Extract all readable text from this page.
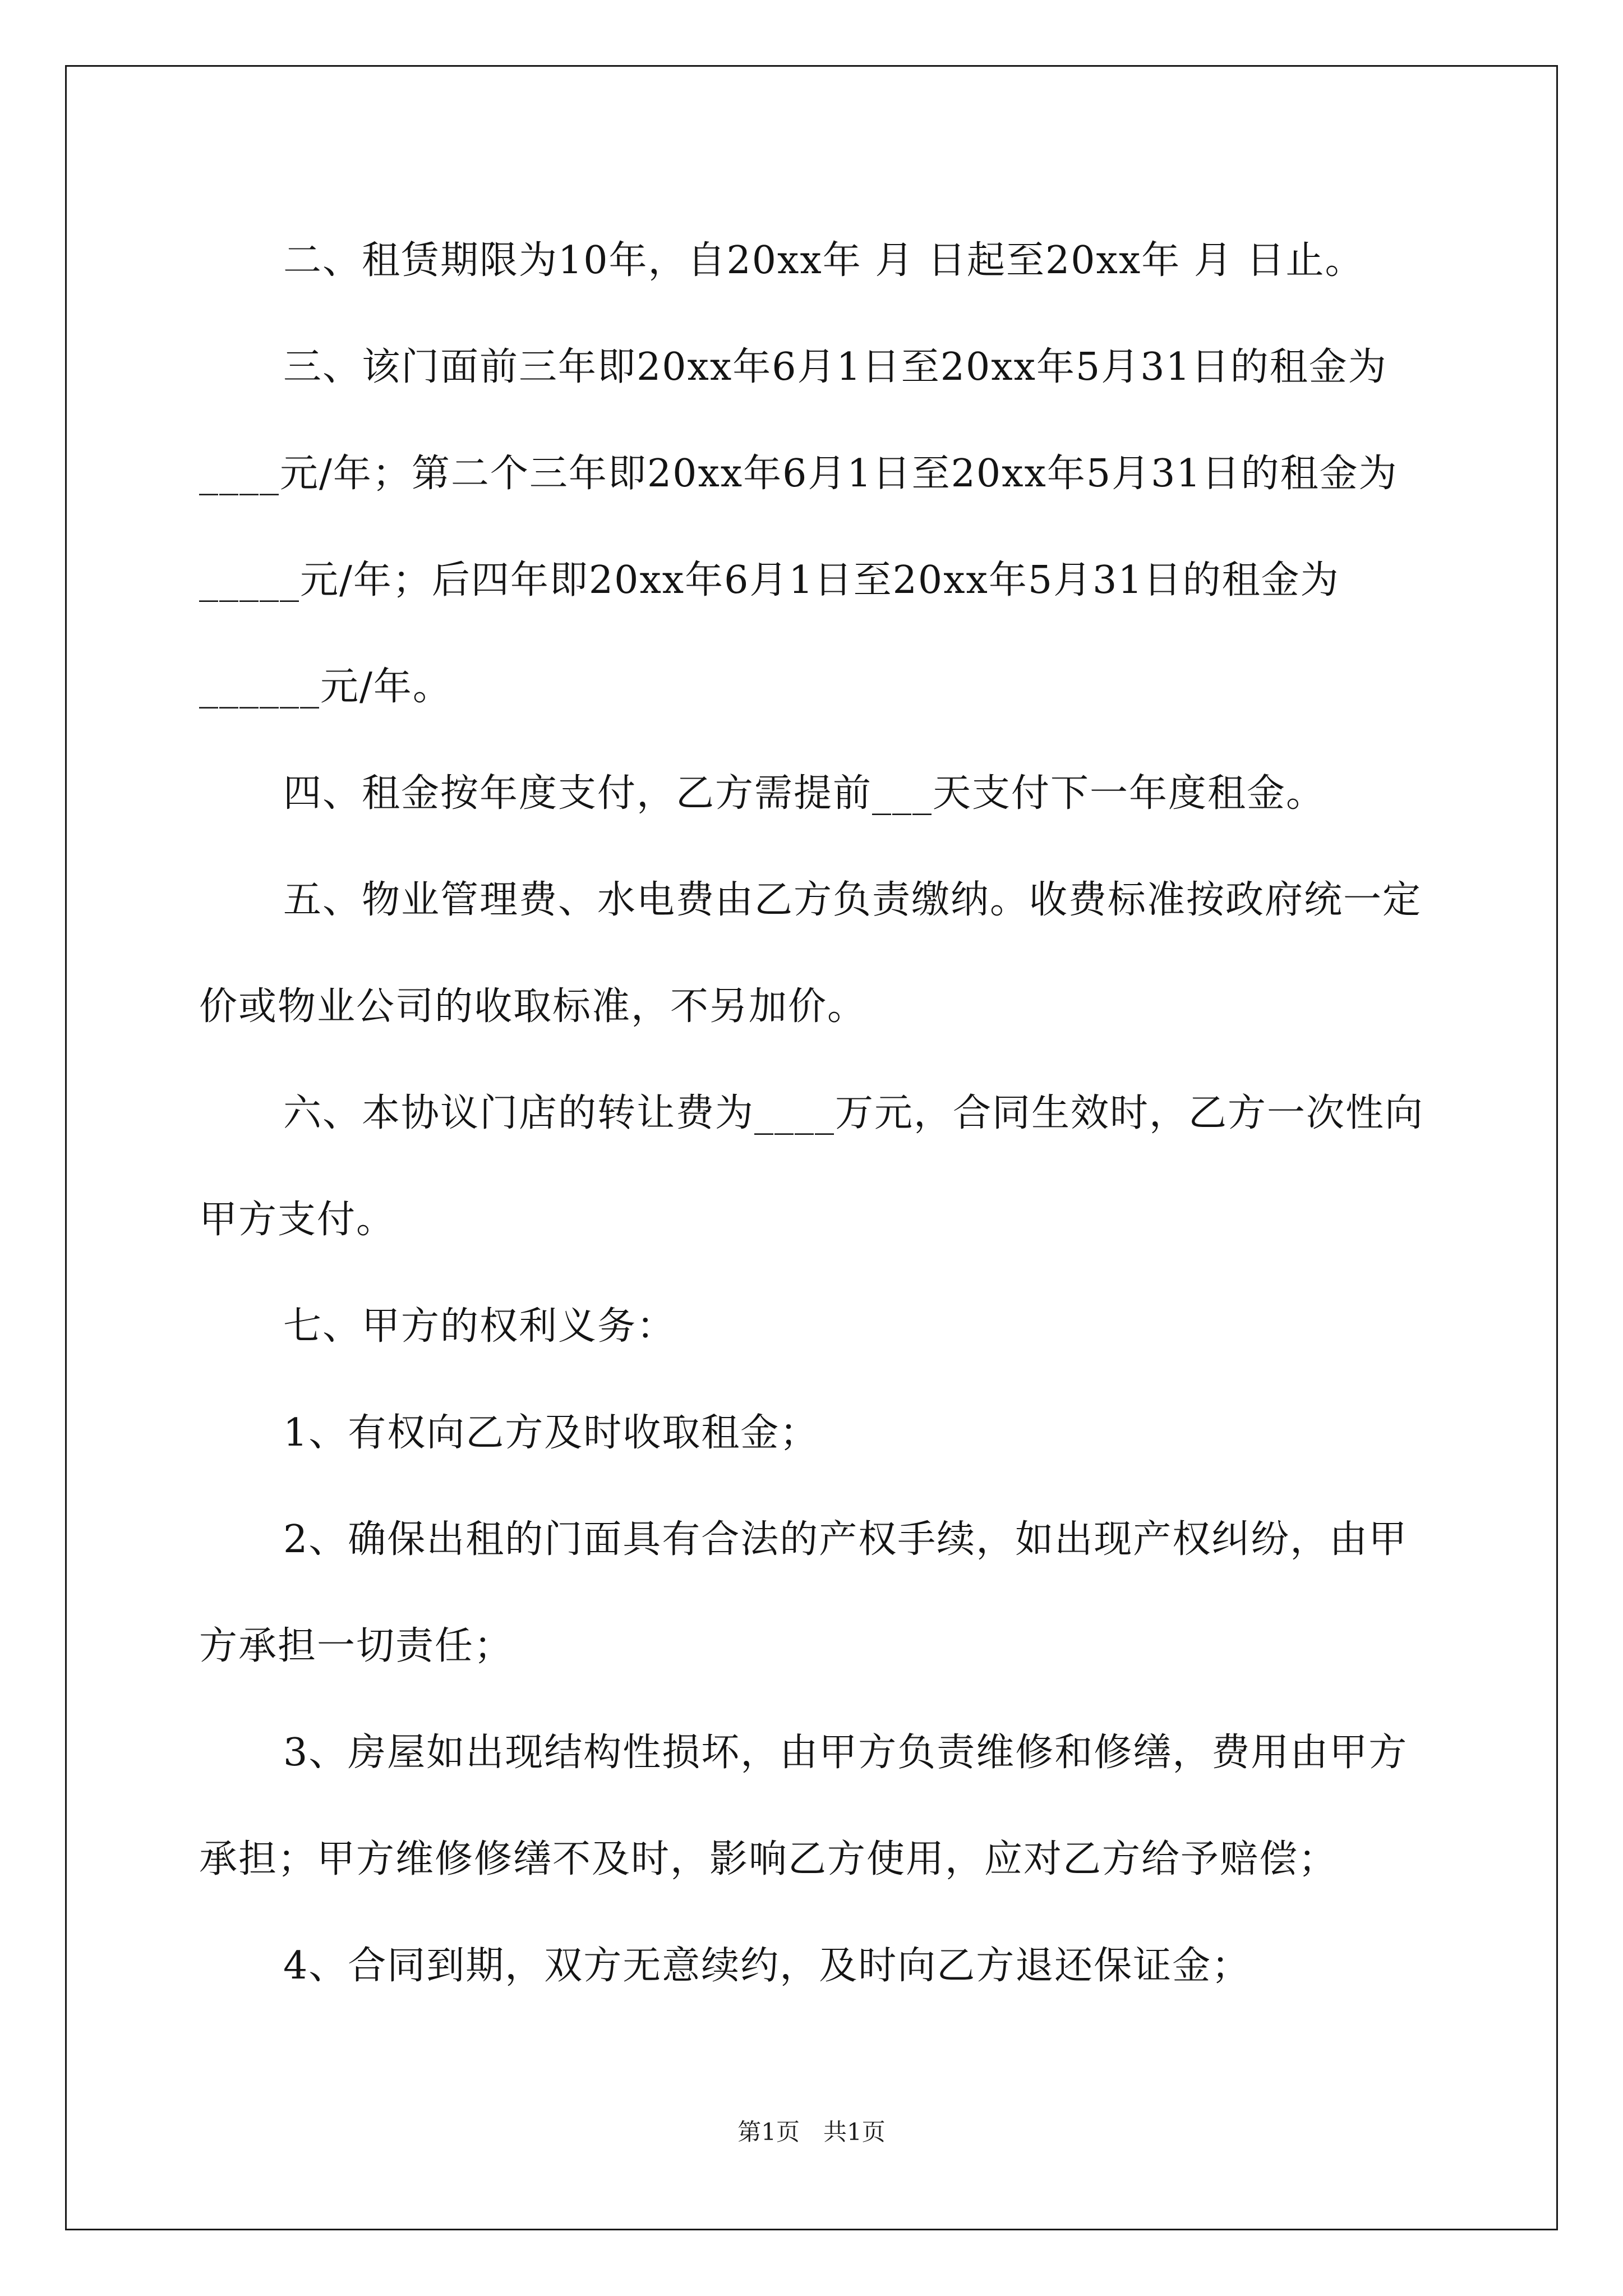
二、租赁期限为10年，自20xx年 月 日起至20xx年 月 日止。

三、该门面前三年即20xx年6月1日至20xx年5月31日的租金为____元/年；第二个三年即20xx年6月1日至20xx年5月31日的租金为_____元/年；后四年即20xx年6月1日至20xx年5月31日的租金为______元/年。

四、租金按年度支付，乙方需提前___天支付下一年度租金。

五、物业管理费、水电费由乙方负责缴纳。收费标准按政府统一定价或物业公司的收取标准，不另加价。

六、本协议门店的转让费为____万元，合同生效时，乙方一次性向甲方支付。

七、甲方的权利义务：

1、有权向乙方及时收取租金；

2、确保出租的门面具有合法的产权手续，如出现产权纠纷，由甲方承担一切责任；

3、房屋如出现结构性损坏，由甲方负责维修和修缮，费用由甲方承担；甲方维修修缮不及时，影响乙方使用，应对乙方给予赔偿；

4、合同到期，双方无意续约，及时向乙方退还保证金；

第1页　共1页
